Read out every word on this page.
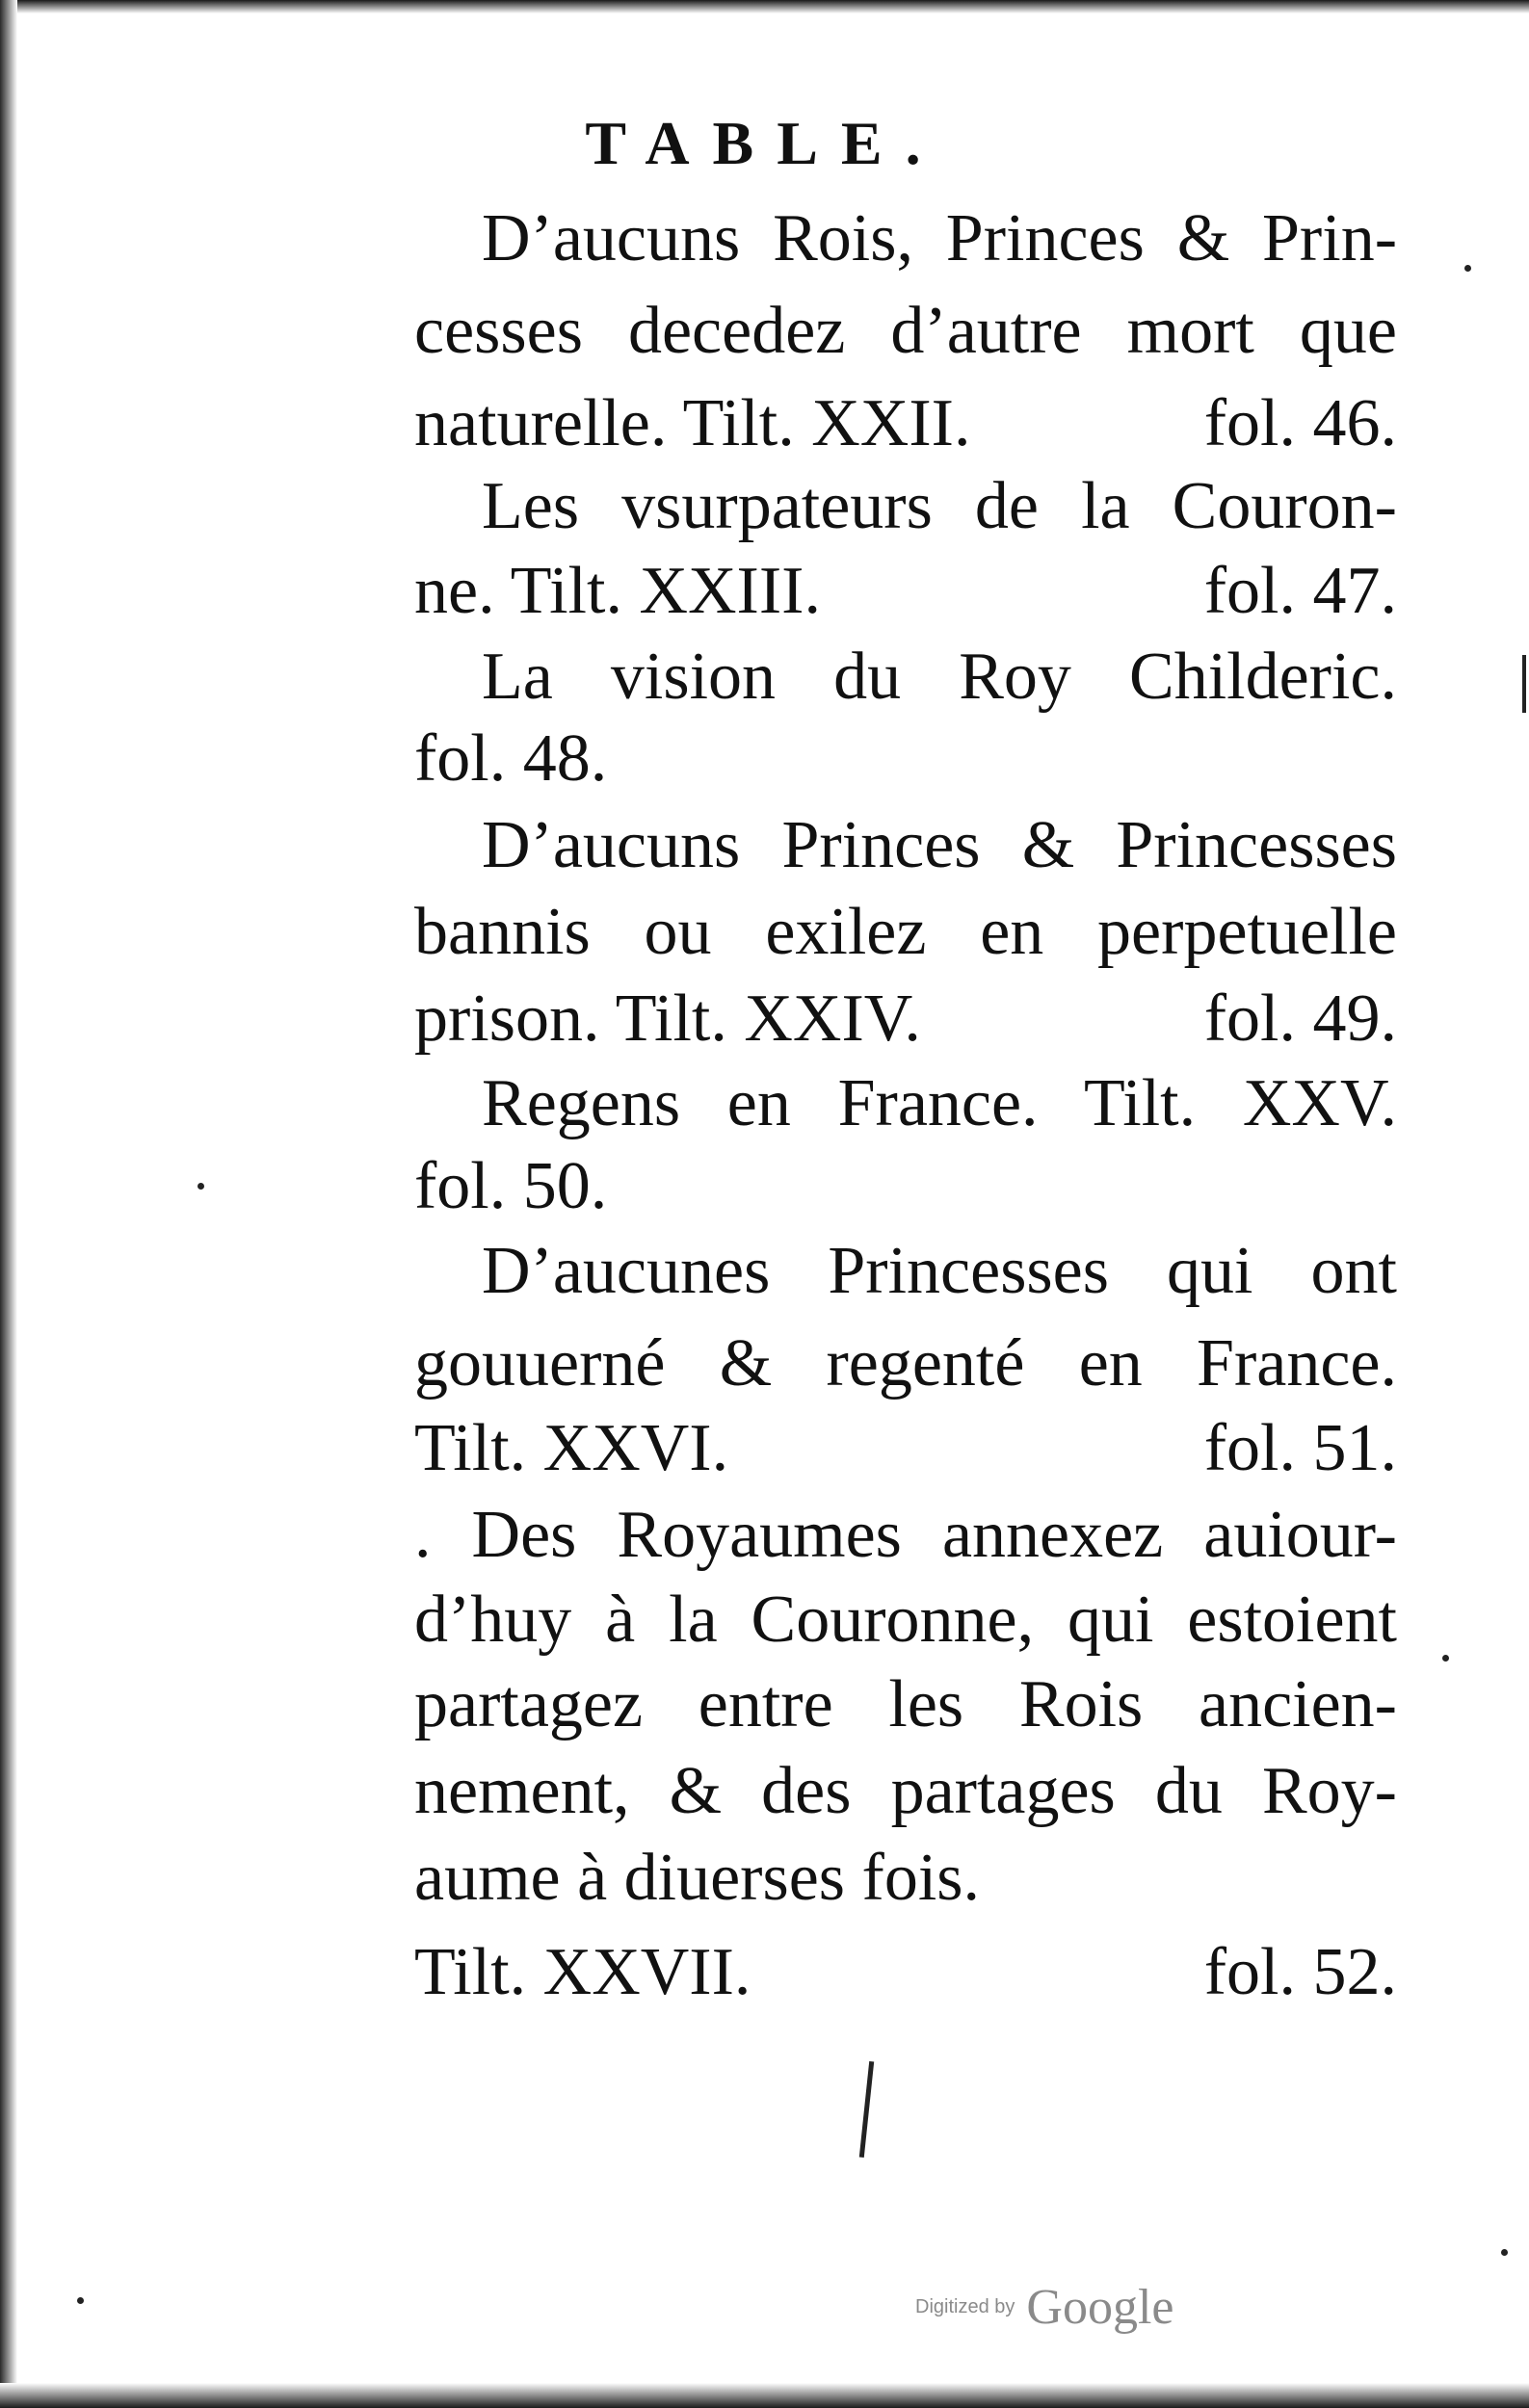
TABLE.
D’aucuns Rois, Princes & Prin-
cesses decedez d’autre mort que
naturelle. Tilt. XXII.	fol. 46.
Les vsurpateurs de la Couron-
ne. Tilt. XXIII.	fol. 47.
La vision du Roy Childeric.
fol. 48.
D’aucuns Princes & Princesses
bannis ou exilez en perpetuelle
prison. Tilt. XXIV.	fol. 49.
Regens en France. Tilt. XXV.
fol. 50.
D’aucunes Princesses qui ont
gouuerné & regenté en France.
Tilt. XXVI.	fol. 51.
. Des Royaumes annexez auiour-
d’huy à la Couronne, qui estoient
partagez entre les Rois ancien-
nement, & des partages du Roy-
aume à diuerses fois.
Tilt. XXVII.	fol. 52.
Digitized by Google
